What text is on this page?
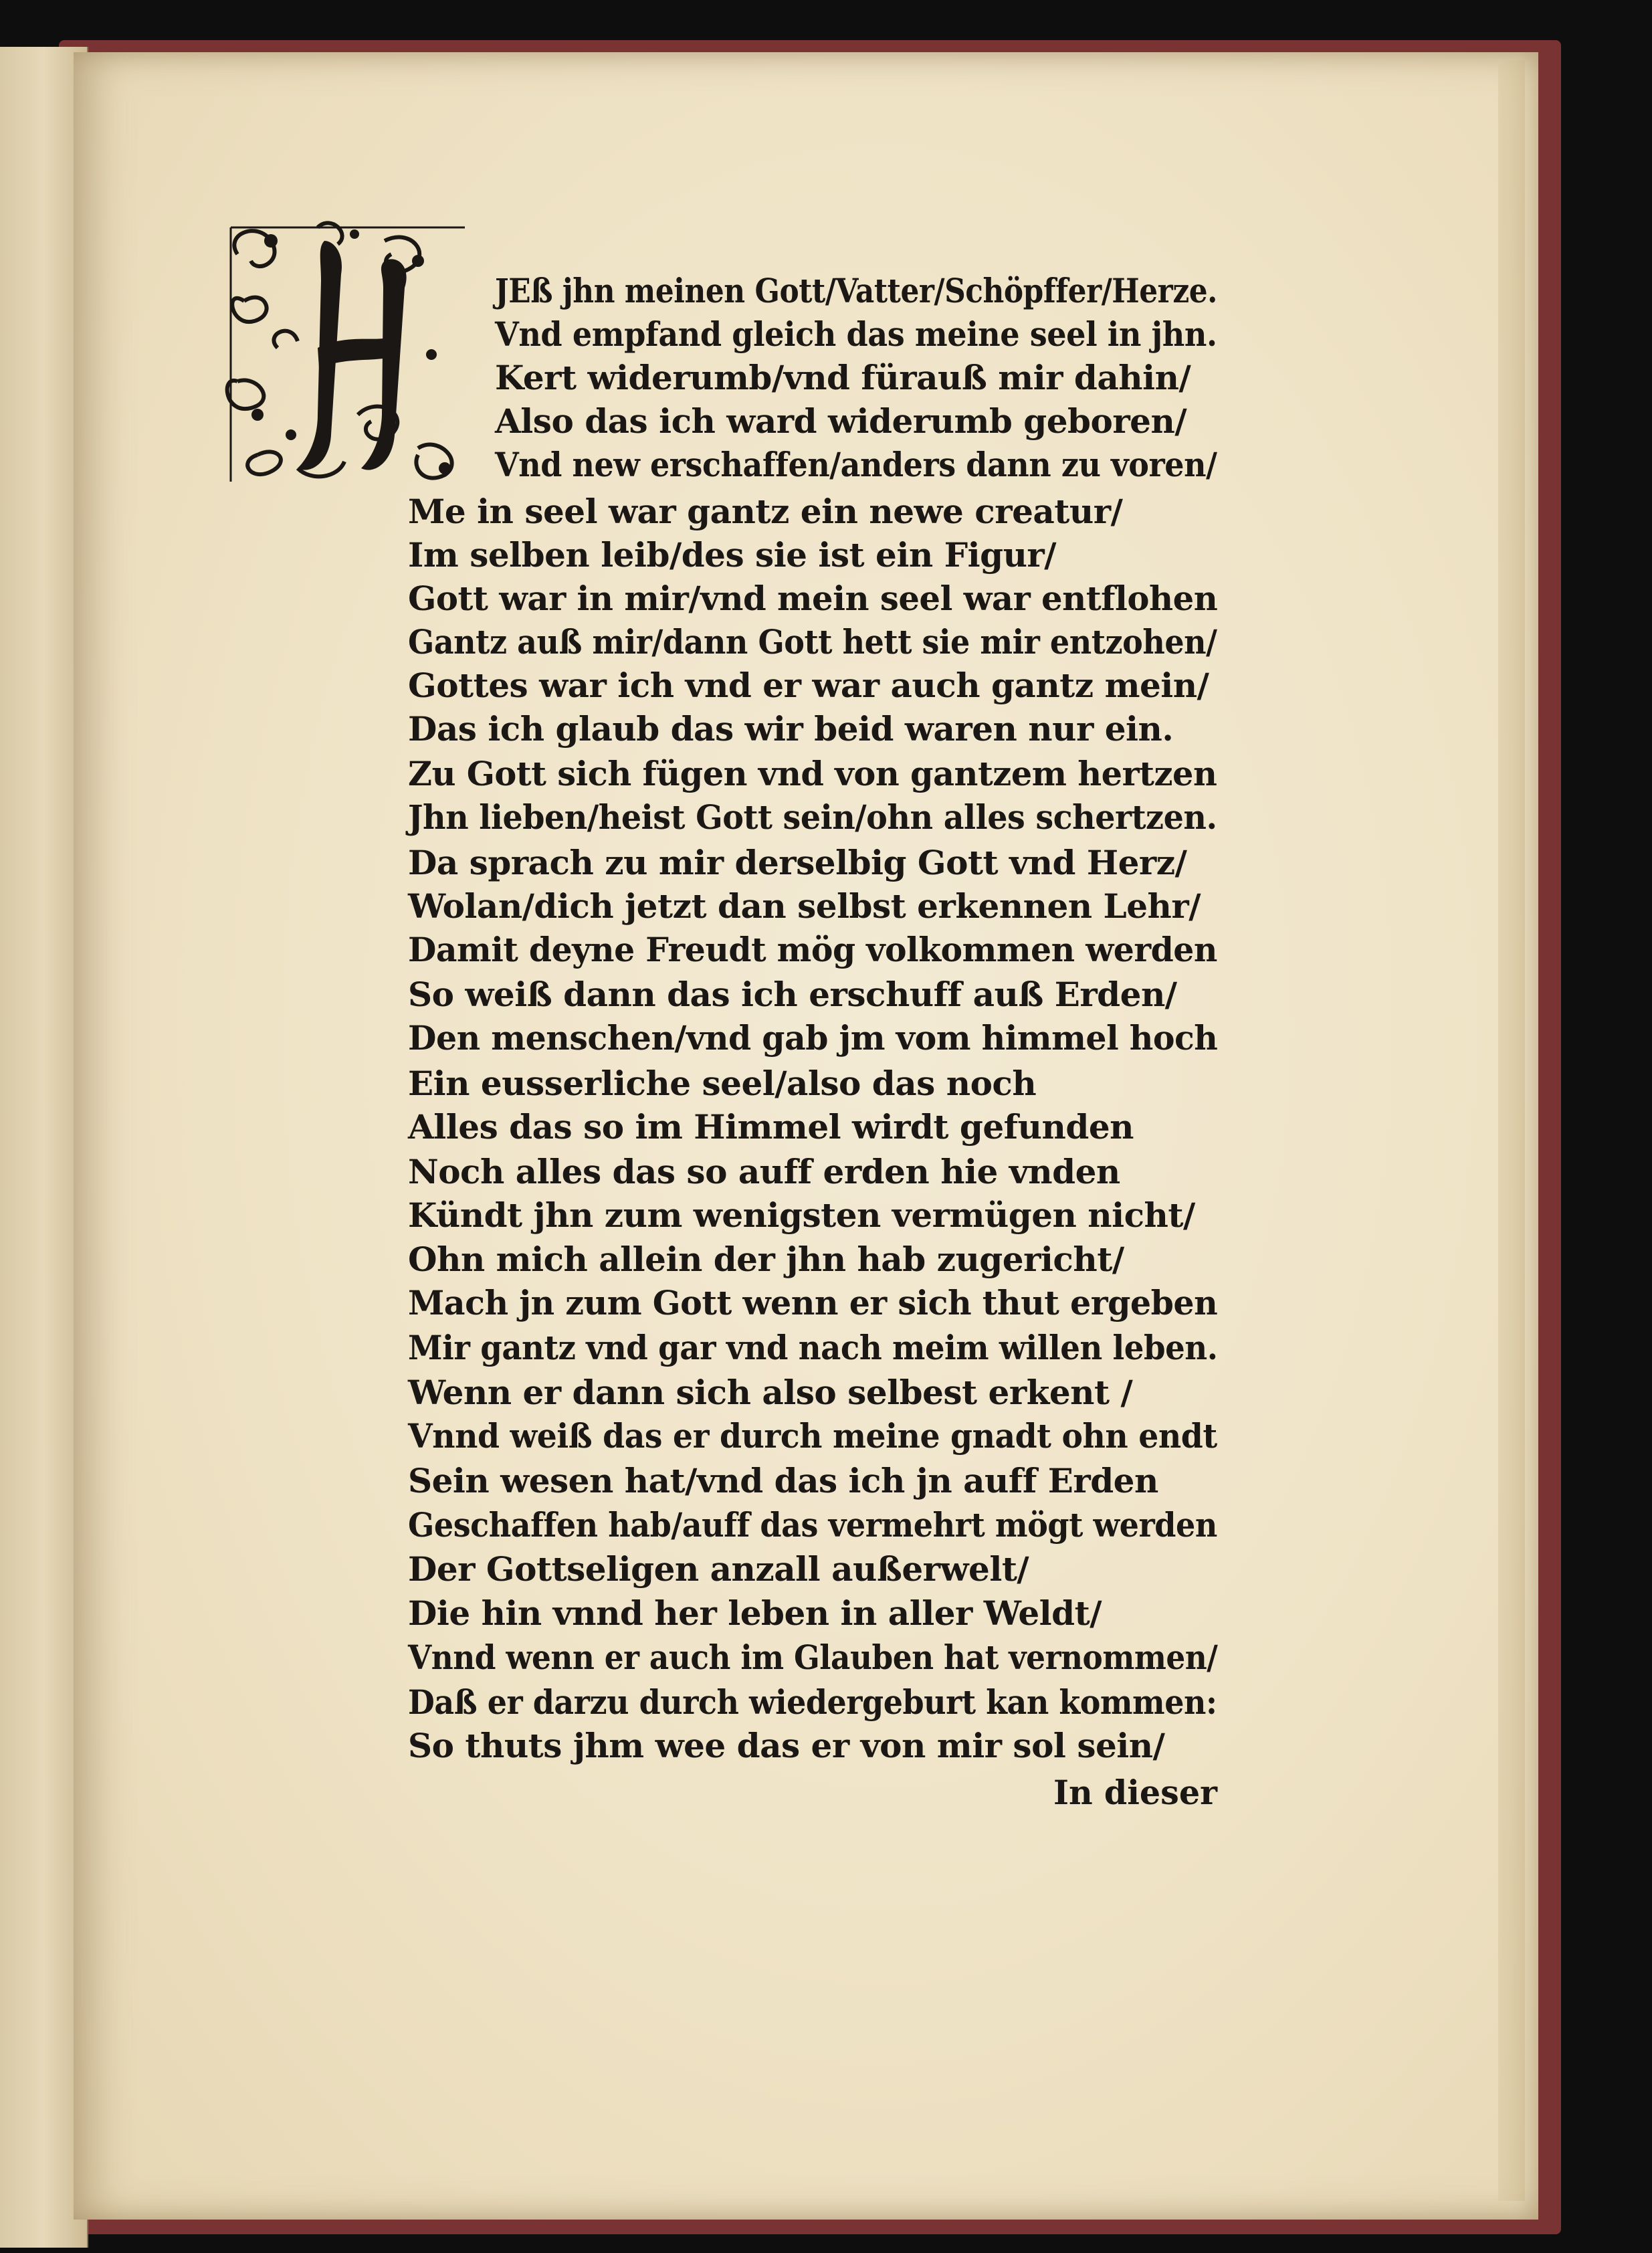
JEß jhn meinen Gott/Vatter/Schöpffer/Herze.
Vnd empfand gleich das meine seel in jhn.
Kert widerumb/vnd fürauß mir dahin/
Also das ich ward widerumb geboren/
Vnd new erschaffen/anders dann zu voren/
Me in seel war gantz ein newe creatur/
Im selben leib/des sie ist ein Figur/
Gott war in mir/vnd mein seel war entflohen
Gantz auß mir/dann Gott hett sie mir entzohen/
Gottes war ich vnd er war auch gantz mein/
Das ich glaub das wir beid waren nur ein.
Zu Gott sich fügen vnd von gantzem hertzen
Jhn lieben/heist Gott sein/ohn alles schertzen.
Da sprach zu mir derselbig Gott vnd Herz/
Wolan/dich jetzt dan selbst erkennen Lehr/
Damit deyne Freudt mög volkommen werden
So weiß dann das ich erschuff auß Erden/
Den menschen/vnd gab jm vom himmel hoch
Ein eusserliche seel/also das noch
Alles das so im Himmel wirdt gefunden
Noch alles das so auff erden hie vnden
Kündt jhn zum wenigsten vermügen nicht/
Ohn mich allein der jhn hab zugericht/
Mach jn zum Gott wenn er sich thut ergeben
Mir gantz vnd gar vnd nach meim willen leben.
Wenn er dann sich also selbest erkent /
Vnnd weiß das er durch meine gnadt ohn endt
Sein wesen hat/vnd das ich jn auff Erden
Geschaffen hab/auff das vermehrt mögt werden
Der Gottseligen anzall außerwelt/
Die hin vnnd her leben in aller Weldt/
Vnnd wenn er auch im Glauben hat vernommen/
Daß er darzu durch wiedergeburt kan kommen:
So thuts jhm wee das er von mir sol sein/
In dieser
